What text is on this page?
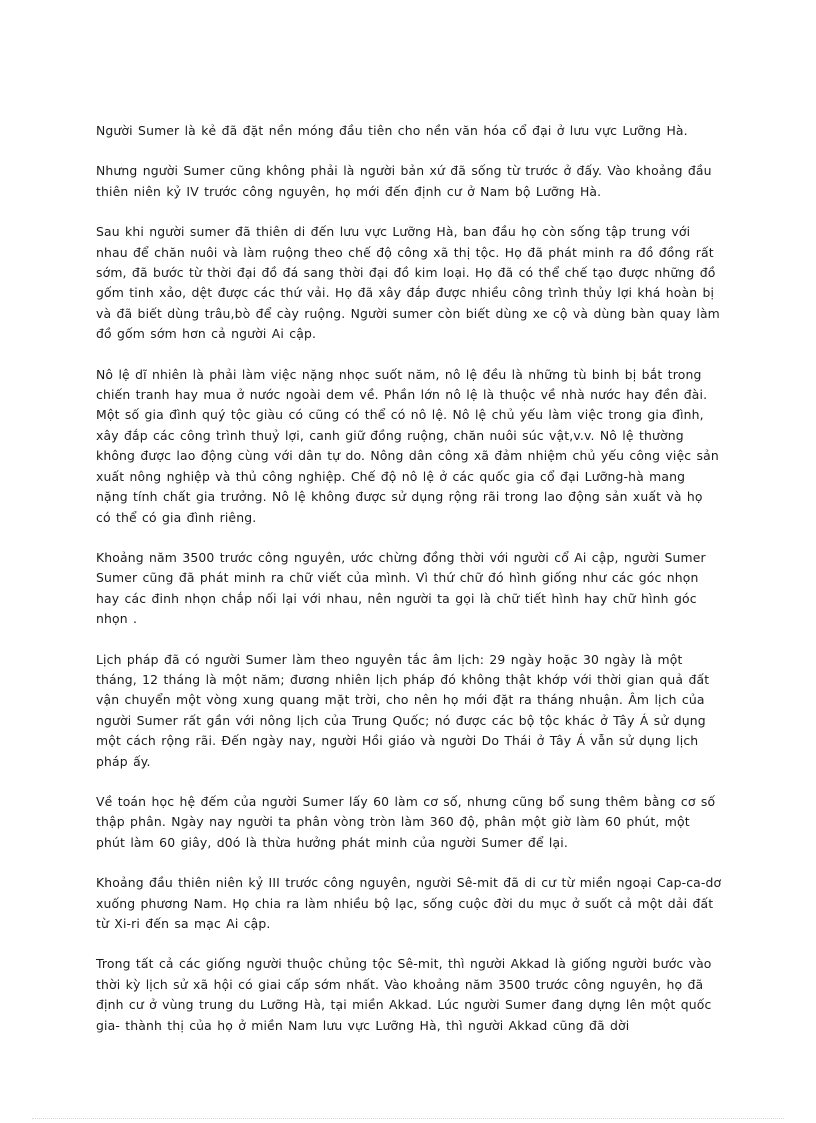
Người Sumer là kẻ đã đặt nền móng đầu tiên cho nền văn hóa cổ đại ở lưu vực Lưỡng Hà.

Nhưng người Sumer cũng không phải là người bản xứ đã sống từ trước ở đấy. Vào khoảng đầu thiên niên kỷ IV trước công nguyên, họ mới đến định cư ở Nam bộ Lưỡng Hà.

Sau khi người sumer đã thiên di đến lưu vực Lưỡng Hà, ban đầu họ còn sống tập trung với nhau để chăn nuôi và làm ruộng theo chế độ công xã thị tộc. Họ đã phát minh ra đồ đồng rất sớm, đã bước từ thời đại đồ đá sang thời đại đồ kim loại. Họ đã có thể chế tạo được những đồ gốm tinh xảo, dệt được các thứ vải. Họ đã xây đắp được nhiều công trình thủy lợi khá hoàn bị và đã biết dùng trâu,bò để cày ruộng. Người sumer còn biết dùng xe cộ và dùng bàn quay làm đồ gốm sớm hơn cả người Ai cập.

Nô lệ dĩ nhiên là phải làm việc nặng nhọc suốt năm, nô lệ đều là những tù binh bị bắt trong chiến tranh hay mua ở nước ngoài dem về. Phần lớn nô lệ là thuộc về nhà nước hay đền đài. Một số gia đình quý tộc giàu có cũng có thể có nô lệ. Nô lệ chủ yếu làm việc trong gia đình, xây đắp các công trình thuỷ lợi, canh giữ đồng ruộng, chăn nuôi súc vật,v.v. Nô lệ thường không được lao động cùng với dân tự do. Nông dân công xã đảm nhiệm chủ yếu công việc sản xuất nông nghiệp và thủ công nghiệp. Chế độ nô lệ ở các quốc gia cổ đại Lưỡng-hà mang nặng tính chất gia trưởng. Nô lệ không được sử dụng rộng rãi trong lao động sản xuất và họ có thể có gia đình riêng.

Khoảng năm 3500 trước công nguyên, ước chừng đồng thời với người cổ Ai cập, người Sumer Sumer cũng đã phát minh ra chữ viết của mình. Vì thứ chữ đó hình giống như các góc nhọn hay các đinh nhọn chắp nối lại với nhau, nên người ta gọi là chữ tiết hình hay chữ hình góc nhọn .

Lịch pháp đã có người Sumer làm theo nguyên tắc âm lịch: 29 ngày hoặc 30 ngày là một tháng, 12 tháng là một năm; đương nhiên lịch pháp đó không thật khớp với thời gian quả đất vận chuyển một vòng xung quang mặt trời, cho nên họ mới đặt ra tháng nhuận. Âm lịch của người Sumer rất gần với nông lịch của Trung Quốc; nó được các bộ tộc khác ở Tây Á sử dụng một cách rộng rãi. Đến ngày nay, người Hồi giáo và người Do Thái ở Tây Á vẫn sử dụng lịch pháp ấy.

Về toán học hệ đếm của người Sumer lấy 60 làm cơ số, nhưng cũng bổ sung thêm bằng cơ số thập phân. Ngày nay người ta phân vòng tròn làm 360 độ, phân một giờ làm 60 phút, một phút làm 60 giây, d0ó là thừa hưởng phát minh của người Sumer để lại.

Khoảng đầu thiên niên kỷ III trước công nguyên, người Sê-mit đã di cư từ miền ngoại Cap-ca-dơ xuống phương Nam. Họ chia ra làm nhiều bộ lạc, sống cuộc đời du mục ở suốt cả một dải đất từ Xi-ri đến sa mạc Ai cập.

Trong tất cả các giống người thuộc chủng tộc Sê-mit, thì người Akkad là giống người bước vào thời kỳ lịch sử xã hội có giai cấp sớm nhất. Vào khoảng năm 3500 trước công nguyên, họ đã định cư ở vùng trung du Lưỡng Hà, tại miền Akkad. Lúc người Sumer đang dựng lên một quốc gia- thành thị của họ ở miền Nam lưu vực Lưỡng Hà, thì người Akkad cũng đã dời
